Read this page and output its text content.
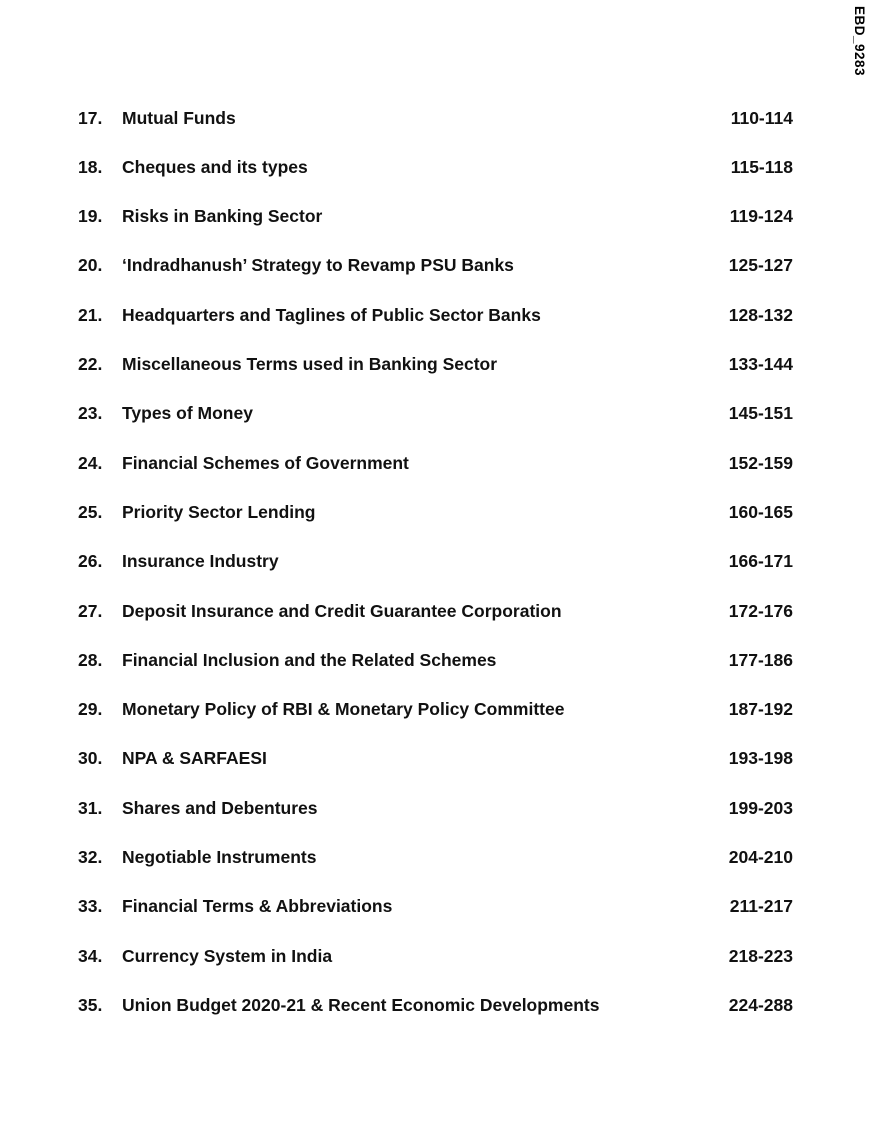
EBD_9283
17.	Mutual Funds	110-114
18.	Cheques and its types	115-118
19.	Risks in Banking Sector	119-124
20.	‘Indradhanush’ Strategy to Revamp PSU Banks	125-127
21.	Headquarters and Taglines of Public Sector Banks	128-132
22.	Miscellaneous Terms used in Banking Sector	133-144
23.	Types of Money	145-151
24.	Financial Schemes of Government	152-159
25.	Priority Sector Lending	160-165
26.	Insurance Industry	166-171
27.	Deposit Insurance and Credit Guarantee Corporation	172-176
28.	Financial Inclusion and the Related Schemes	177-186
29.	Monetary Policy of RBI & Monetary Policy Committee	187-192
30.	NPA & SARFAESI	193-198
31.	Shares and Debentures	199-203
32.	Negotiable Instruments	204-210
33.	Financial Terms & Abbreviations	211-217
34.	Currency System in India	218-223
35.	Union Budget 2020-21 & Recent Economic Developments	224-288
